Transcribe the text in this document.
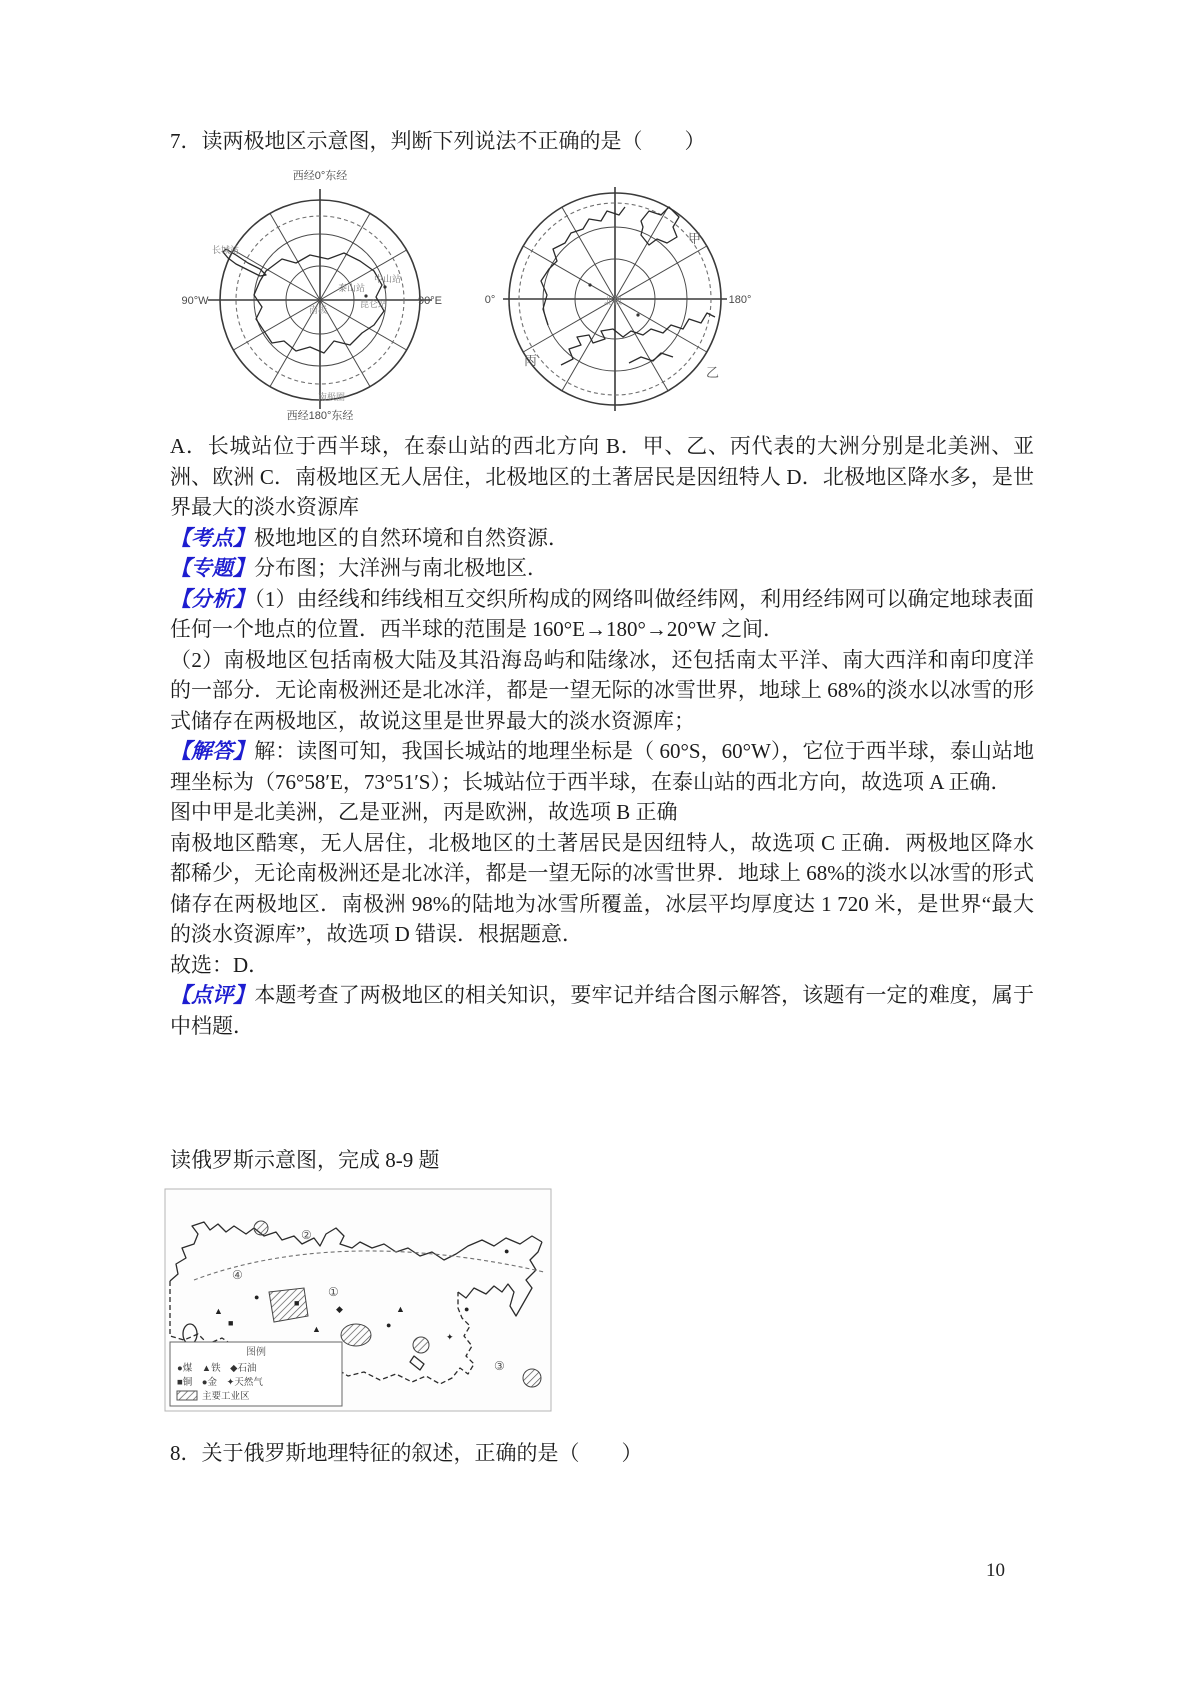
7．读两极地区示意图，判断下列说法不正确的是（　　）
西经0°东经
西经180°东经
90°W	90°E
长城站
中山站
泰山站
昆仑站
南极
南极圈
0°	180°
北极
甲
乙
丙

A．长城站位于西半球，在泰山站的西北方向 B．甲、乙、丙代表的大洲分别是北美洲、亚洲、欧洲 C．南极地区无人居住，北极地区的土著居民是因纽特人 D．北极地区降水多，是世界最大的淡水资源库

【考点】极地地区的自然环境和自然资源．

【专题】分布图；大洋洲与南北极地区．

【分析】（1）由经线和纬线相互交织所构成的网络叫做经纬网，利用经纬网可以确定地球表面任何一个地点的位置．西半球的范围是 160°E→180°→20°W 之间．

（2）南极地区包括南极大陆及其沿海岛屿和陆缘冰，还包括南太平洋、南大西洋和南印度洋的一部分．无论南极洲还是北冰洋，都是一望无际的冰雪世界，地球上 68%的淡水以冰雪的形式储存在两极地区，故说这里是世界最大的淡水资源库；

【解答】解：读图可知，我国长城站的地理坐标是（ 60°S，60°W），它位于西半球，泰山站地理坐标为（76°58′E，73°51′S）；长城站位于西半球，在泰山站的西北方向，故选项 A 正确．

图中甲是北美洲，乙是亚洲，丙是欧洲，故选项 B 正确

南极地区酷寒，无人居住，北极地区的土著居民是因纽特人，故选项 C 正确．两极地区降水都稀少，无论南极洲还是北冰洋，都是一望无际的冰雪世界．地球上 68%的淡水以冰雪的形式储存在两极地区．南极洲 98%的陆地为冰雪所覆盖，冰层平均厚度达 1 720 米，是世界“最大的淡水资源库”，故选项 D 错误．根据题意．

故选：D．

【点评】本题考查了两极地区的相关知识，要牢记并结合图示解答，该题有一定的难度，属于中档题．

读俄罗斯示意图，完成 8-9 题
▲
▲
▲
●
●
●
●
■
■
◆
✦
①
②
③
④
图例
●煤　▲铁　◆石油
■铜　●金　✦天然气
主要工业区
8．关于俄罗斯地理特征的叙述，正确的是（　　）
10
